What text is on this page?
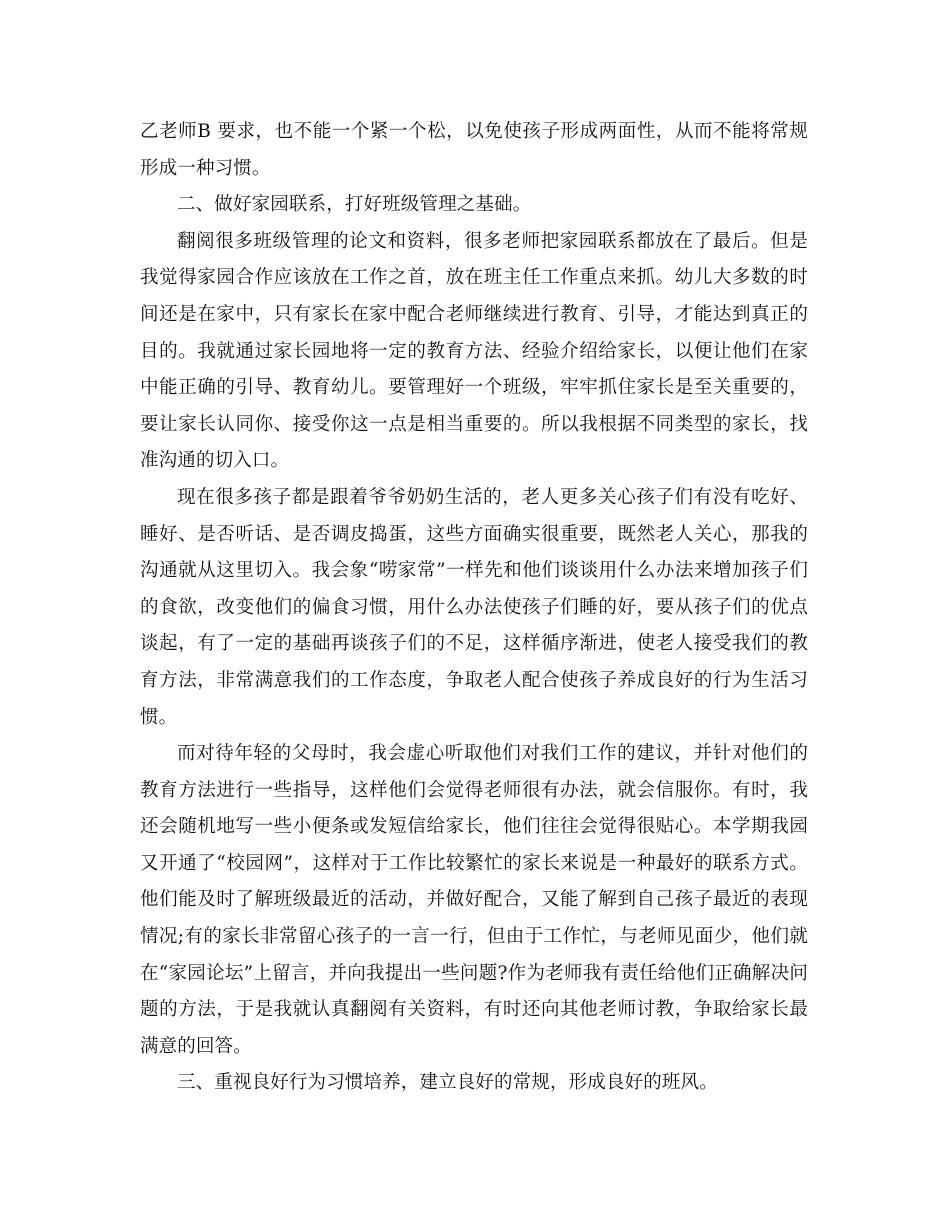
乙老师B 要求，也不能一个紧一个松，以免使孩子形成两面性，从而不能将常规形成一种习惯。

二、做好家园联系，打好班级管理之基础。

翻阅很多班级管理的论文和资料，很多老师把家园联系都放在了最后。但是我觉得家园合作应该放在工作之首，放在班主任工作重点来抓。幼儿大多数的时间还是在家中，只有家长在家中配合老师继续进行教育、引导，才能达到真正的目的。我就通过家长园地将一定的教育方法、经验介绍给家长，以便让他们在家中能正确的引导、教育幼儿。要管理好一个班级，牢牢抓住家长是至关重要的，要让家长认同你、接受你这一点是相当重要的。所以我根据不同类型的家长，找准沟通的切入口。

现在很多孩子都是跟着爷爷奶奶生活的，老人更多关心孩子们有没有吃好、睡好、是否听话、是否调皮捣蛋，这些方面确实很重要，既然老人关心，那我的沟通就从这里切入。我会象“唠家常”一样先和他们谈谈用什么办法来增加孩子们的食欲，改变他们的偏食习惯，用什么办法使孩子们睡的好，要从孩子们的优点谈起，有了一定的基础再谈孩子们的不足，这样循序渐进，使老人接受我们的教育方法，非常满意我们的工作态度，争取老人配合使孩子养成良好的行为生活习惯。

而对待年轻的父母时，我会虚心听取他们对我们工作的建议，并针对他们的教育方法进行一些指导，这样他们会觉得老师很有办法，就会信服你。有时，我还会随机地写一些小便条或发短信给家长，他们往往会觉得很贴心。本学期我园又开通了“校园网”，这样对于工作比较繁忙的家长来说是一种最好的联系方式。他们能及时了解班级最近的活动，并做好配合，又能了解到自己孩子最近的表现情况;有的家长非常留心孩子的一言一行，但由于工作忙，与老师见面少，他们就在“家园论坛”上留言，并向我提出一些问题?作为老师我有责任给他们正确解决问题的方法，于是我就认真翻阅有关资料，有时还向其他老师讨教，争取给家长最满意的回答。

三、重视良好行为习惯培养，建立良好的常规，形成良好的班风。
